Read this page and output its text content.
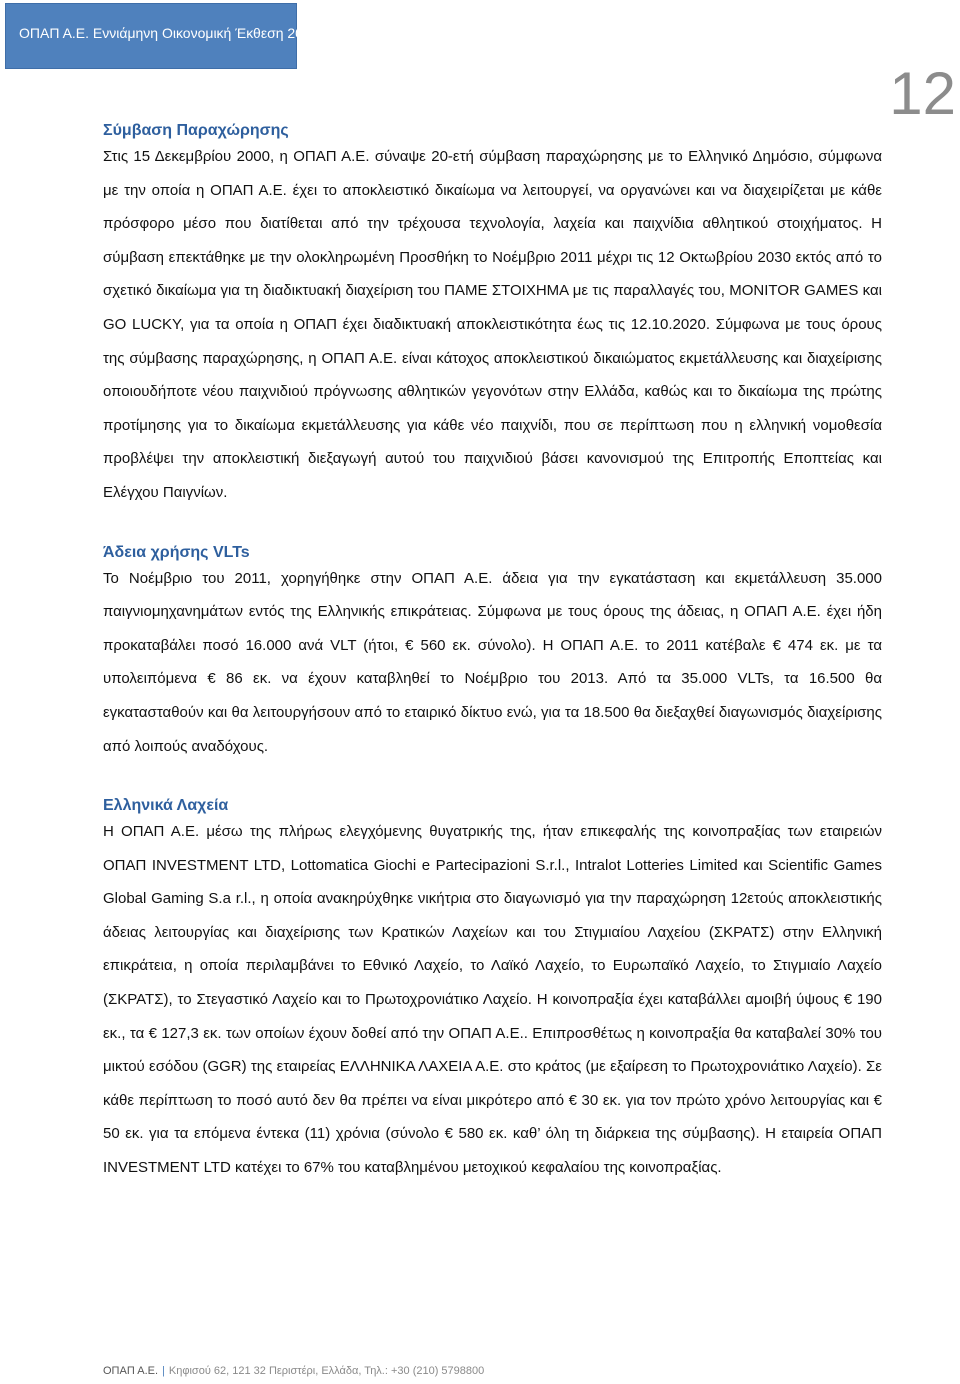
ΟΠΑΠ Α.Ε. Εννιάμηνη Οικονομική Έκθεση 2014
12
Σύμβαση Παραχώρησης

Στις 15 Δεκεμβρίου 2000, η ΟΠΑΠ Α.Ε. σύναψε 20-ετή σύμβαση παραχώρησης με το Ελληνικό Δημόσιο, σύμφωνα με την οποία η ΟΠΑΠ Α.Ε. έχει το αποκλειστικό δικαίωμα να λειτουργεί, να οργανώνει και να διαχειρίζεται με κάθε πρόσφορο μέσο που διατίθεται από την τρέχουσα τεχνολογία, λαχεία και παιχνίδια αθλητικού στοιχήματος. Η σύμβαση επεκτάθηκε με την ολοκληρωμένη Προσθήκη το Νοέμβριο 2011 μέχρι τις 12 Οκτωβρίου 2030 εκτός από το σχετικό δικαίωμα για τη διαδικτυακή διαχείριση του ΠΑΜΕ ΣΤΟΙΧΗΜΑ με τις παραλλαγές του, MONITOR GAMES και GO LUCKY, για τα οποία η ΟΠΑΠ έχει διαδικτυακή αποκλειστικότητα έως τις 12.10.2020. Σύμφωνα με τους όρους της σύμβασης παραχώρησης, η ΟΠΑΠ Α.Ε. είναι κάτοχος αποκλειστικού δικαιώματος εκμετάλλευσης και διαχείρισης οποιουδήποτε νέου παιχνιδιού πρόγνωσης αθλητικών γεγονότων στην Ελλάδα, καθώς και το δικαίωμα της πρώτης προτίμησης για το δικαίωμα εκμετάλλευσης για κάθε νέο παιχνίδι, που σε περίπτωση που η ελληνική νομοθεσία προβλέψει την αποκλειστική διεξαγωγή αυτού του παιχνιδιού βάσει κανονισμού της Επιτροπής Εποπτείας και Ελέγχου Παιγνίων.

Άδεια χρήσης VLTs

Το Νοέμβριο του 2011, χορηγήθηκε στην ΟΠΑΠ Α.Ε. άδεια για την εγκατάσταση και εκμετάλλευση 35.000 παιγνιομηχανημάτων εντός της Ελληνικής επικράτειας. Σύμφωνα με τους όρους της άδειας, η ΟΠΑΠ Α.Ε. έχει ήδη προκαταβάλει ποσό 16.000 ανά VLT (ήτοι, € 560 εκ. σύνολο). Η ΟΠΑΠ Α.Ε. το 2011 κατέβαλε € 474 εκ. με τα υπολειπόμενα € 86 εκ. να έχουν καταβληθεί το Νοέμβριο του 2013. Από τα 35.000 VLTs, τα 16.500 θα εγκατασταθούν και θα λειτουργήσουν από το εταιρικό δίκτυο ενώ, για τα 18.500 θα διεξαχθεί διαγωνισμός διαχείρισης από λοιπούς αναδόχους.

Ελληνικά Λαχεία

Η ΟΠΑΠ Α.Ε. μέσω της πλήρως ελεγχόμενης θυγατρικής της, ήταν επικεφαλής της κοινοπραξίας των εταιρειών ΟΠΑΠ INVESTMENT LTD, Lottomatica Giochi e Partecipazioni S.r.l., Intralot Lotteries Limited και Scientific Games Global Gaming S.a r.l., η οποία ανακηρύχθηκε νικήτρια στο διαγωνισμό για την παραχώρηση 12ετούς αποκλειστικής άδειας λειτουργίας και διαχείρισης των Κρατικών Λαχείων και του Στιγμιαίου Λαχείου (ΣΚΡΑΤΣ) στην Ελληνική επικράτεια, η οποία περιλαμβάνει το Εθνικό Λαχείο, το Λαϊκό Λαχείο, το Ευρωπαϊκό Λαχείο, το Στιγμιαίο Λαχείο (ΣΚΡΑΤΣ), το Στεγαστικό Λαχείο και το Πρωτοχρονιάτικο Λαχείο. Η κοινοπραξία έχει καταβάλλει αμοιβή ύψους € 190 εκ., τα € 127,3 εκ. των οποίων έχουν δοθεί από την ΟΠΑΠ Α.Ε.. Επιπροσθέτως η κοινοπραξία θα καταβαλεί 30% του μικτού εσόδου (GGR) της εταιρείας ΕΛΛΗΝΙΚΑ ΛΑΧΕΙΑ Α.Ε. στο κράτος (με εξαίρεση το Πρωτοχρονιάτικο Λαχείο). Σε κάθε περίπτωση το ποσό αυτό δεν θα πρέπει να είναι μικρότερο από € 30 εκ. για τον πρώτο χρόνο λειτουργίας και € 50 εκ. για τα επόμενα έντεκα (11) χρόνια (σύνολο € 580 εκ. καθ’ όλη τη διάρκεια της σύμβασης). Η εταιρεία ΟΠΑΠ INVESTMENT LTD κατέχει το 67% του καταβλημένου μετοχικού κεφαλαίου της κοινοπραξίας.

ΟΠΑΠ Α.Ε. | Κηφισού 62, 121 32 Περιστέρι, Ελλάδα, Τηλ.: +30 (210) 5798800
